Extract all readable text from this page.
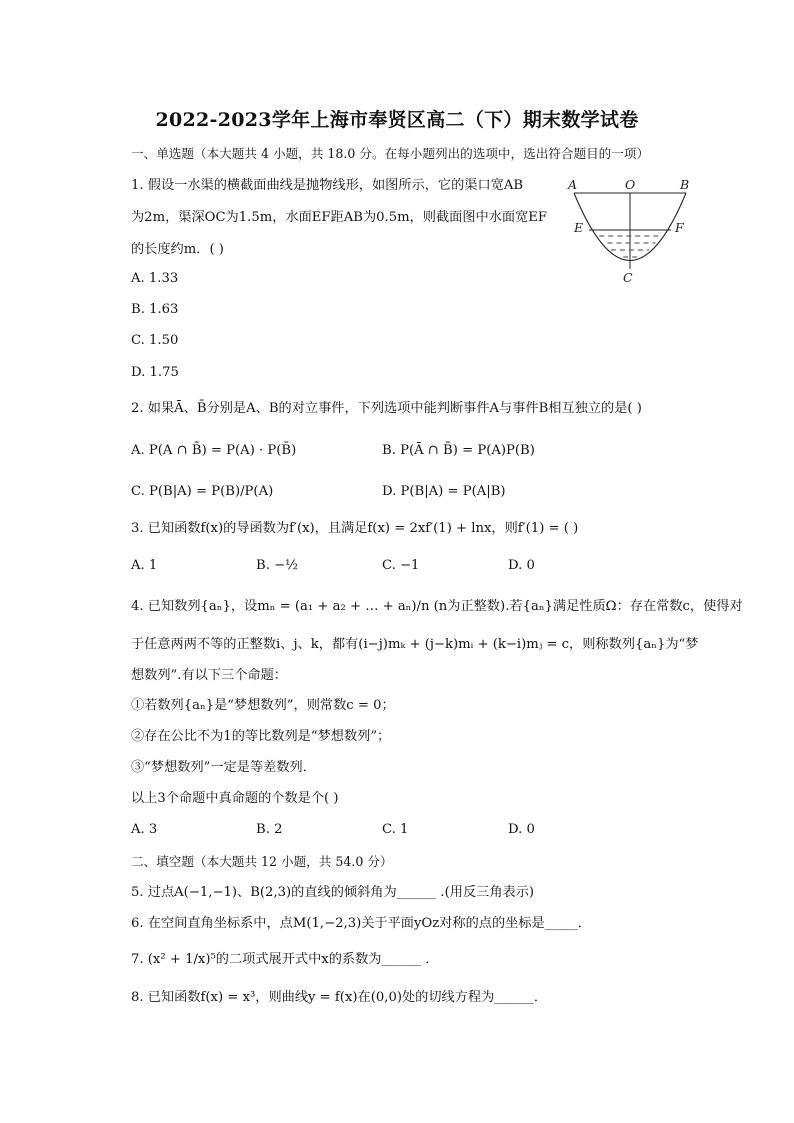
2022-2023学年上海市奉贤区高二（下）期末数学试卷
一、单选题（本大题共 4 小题，共 18.0 分。在每小题列出的选项中，选出符合题目的一项）
1. 假设一水渠的横截面曲线是抛物线形，如图所示，它的渠口宽AB
为2m，渠深OC为1.5m，水面EF距AB为0.5m，则截面图中水面宽EF
的长度约m．( )
A. 1.33
B. 1.63
C. 1.50
D. 1.75
A	O	B
E	F
C
2. 如果Ā、B̄分别是A、B的对立事件，下列选项中能判断事件A与事件B相互独立的是( )
A. P(A ∩ B̄) = P(A) · P(B̄)	B. P(Ā ∩ B̄) = P(A)P(B)
C. P(B|A) = P(B)/P(A)	D. P(B|A) = P(A|B)
3. 已知函数f(x)的导函数为f′(x)，且满足f(x) = 2xf′(1) + lnx，则f′(1) = ( )
A. 1	B. −½	C. −1	D. 0
4. 已知数列{aₙ}，设mₙ = (a₁ + a₂ + … + aₙ)/n (n为正整数).若{aₙ}满足性质Ω：存在常数c，使得对
于任意两两不等的正整数i、j、k，都有(i−j)mₖ + (j−k)mᵢ + (k−i)mⱼ = c，则称数列{aₙ}为“梦
想数列”.有以下三个命题：
①若数列{aₙ}是“梦想数列”，则常数c = 0；
②存在公比不为1的等比数列是“梦想数列”；
③“梦想数列”一定是等差数列．
以上3个命题中真命题的个数是个( )
A. 3	B. 2	C. 1	D. 0
二、填空题（本大题共 12 小题，共 54.0 分）
5. 过点A(−1,−1)、B(2,3)的直线的倾斜角为______ .(用反三角表示)
6. 在空间直角坐标系中，点M(1,−2,3)关于平面yOz对称的点的坐标是_____．
7. (x² + 1/x)⁵的二项式展开式中x的系数为______ ．
8. 已知函数f(x) = x³，则曲线y = f(x)在(0,0)处的切线方程为______．
